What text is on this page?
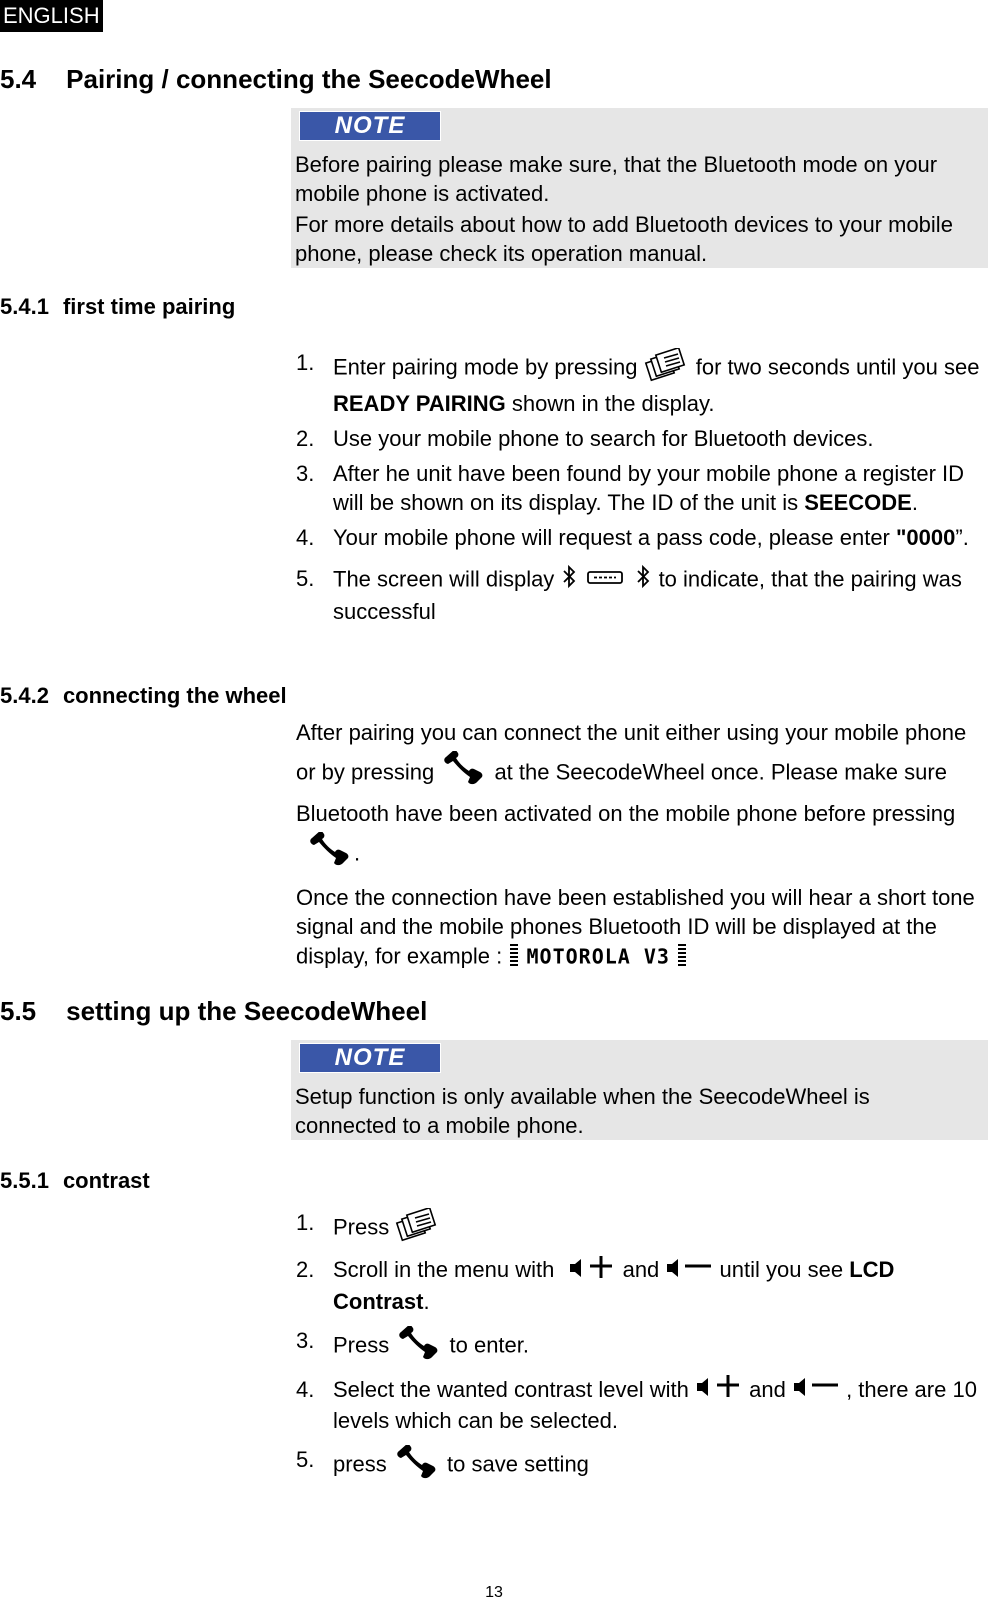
ENGLISH
5.4 Pairing / connecting the SeecodeWheel
NOTE
Before pairing please make sure, that the Bluetooth mode on your mobile phone is activated.
For more details about how to add Bluetooth devices to your mobile phone, please check its operation manual.
5.4.1 first time pairing
1. Enter pairing mode by pressing	for two seconds until you see READY PAIRING shown in the display.
2. Use your mobile phone to search for Bluetooth devices.
3. After he unit have been found by your mobile phone a register ID will be shown on its display. The ID of the unit is SEECODE.
4. Your mobile phone will request a pass code, please enter "0000”.
5. The screen will display	to indicate, that the pairing was successful
5.4.2 connecting the wheel
After pairing you can connect the unit either using your mobile phone or by pressing	at the SeecodeWheel once. Please make sure Bluetooth have been activated on the mobile phone before pressing .
Once the connection have been established you will hear a short tone signal and the mobile phones Bluetooth ID will be displayed at the display, for example : MOTOROLA V3
5.5 setting up the SeecodeWheel
NOTE
Setup function is only available when the SeecodeWheel is connected to a mobile phone.
5.5.1 contrast
1. Press
2. Scroll in the menu with	and	until you see LCD Contrast.
3. Press	to enter.
4. Select the wanted contrast level with	and	, there are 10 levels which can be selected.
5. press	to save setting
13
